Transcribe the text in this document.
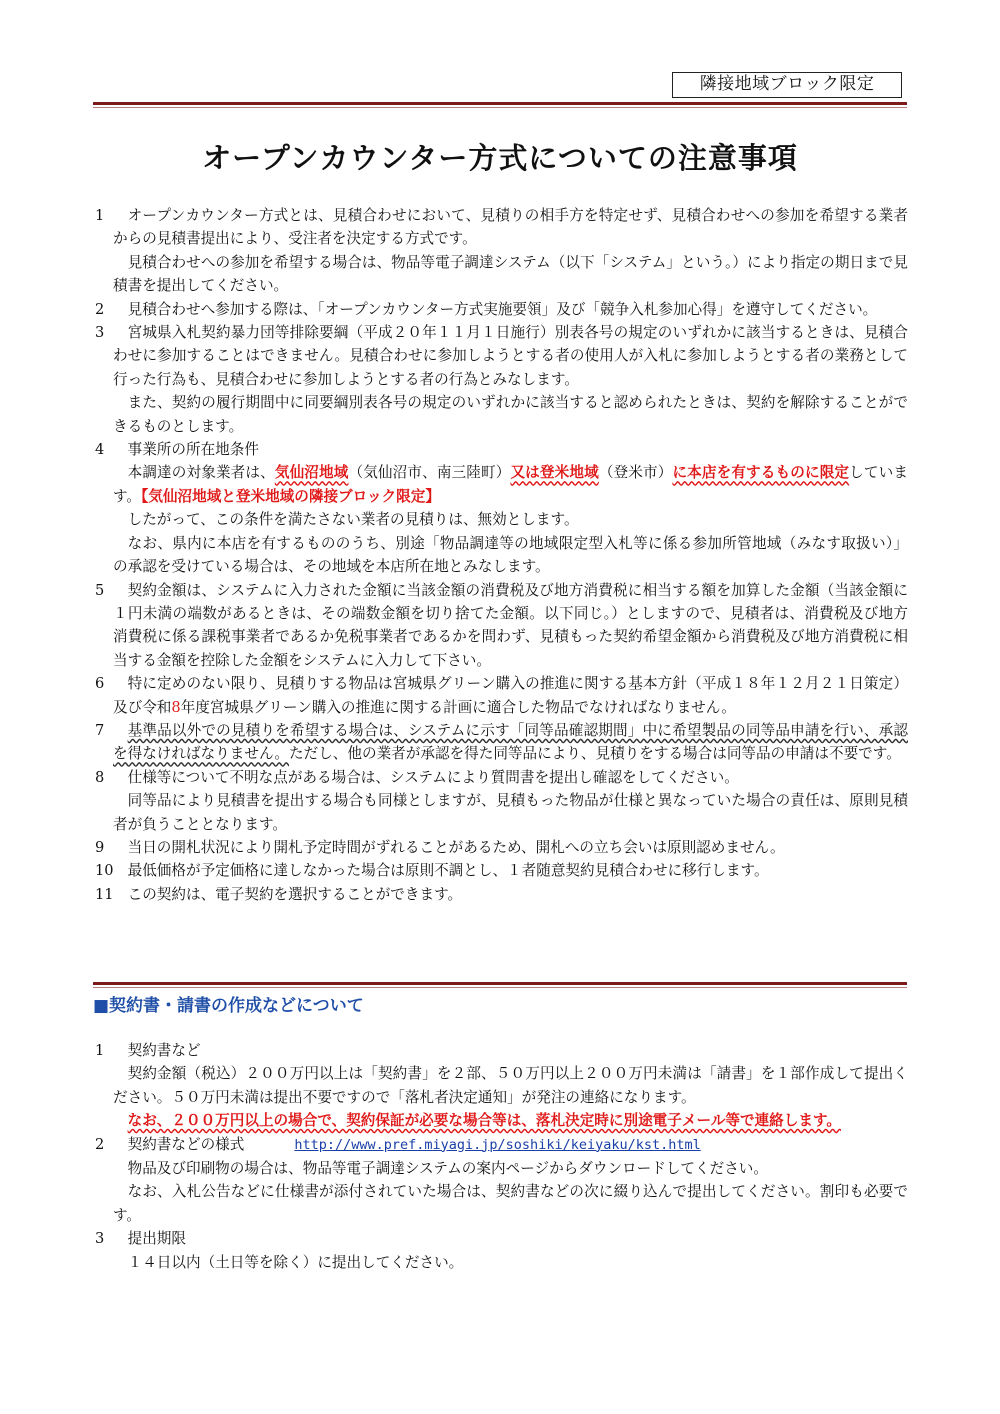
隣接地域ブロック限定
オープンカウンター方式についての注意事項
1	オープンカウンター方式とは、見積合わせにおいて、見積りの相手方を特定せず、見積合わせへの参加を希望する業者からの見積書提出により、受注者を決定する方式です。

見積合わせへの参加を希望する場合は、物品等電子調達システム（以下「システム」という。）により指定の期日まで見積書を提出してください。

2	見積合わせへ参加する際は、「オープンカウンター方式実施要領」及び「競争入札参加心得」を遵守してください。

3	宮城県入札契約暴力団等排除要綱（平成２０年１１月１日施行）別表各号の規定のいずれかに該当するときは、見積合わせに参加することはできません。見積合わせに参加しようとする者の使用人が入札に参加しようとする者の業務として行った行為も、見積合わせに参加しようとする者の行為とみなします。

また、契約の履行期間中に同要綱別表各号の規定のいずれかに該当すると認められたときは、契約を解除することができるものとします。

4	事業所の所在地条件

本調達の対象業者は、気仙沼地域（気仙沼市、南三陸町）又は登米地域（登米市）に本店を有するものに限定しています。【気仙沼地域と登米地域の隣接ブロック限定】

したがって、この条件を満たさない業者の見積りは、無効とします。

なお、県内に本店を有するもののうち、別途「物品調達等の地域限定型入札等に係る参加所管地域（みなす取扱い）」の承認を受けている場合は、その地域を本店所在地とみなします。

5	契約金額は、システムに入力された金額に当該金額の消費税及び地方消費税に相当する額を加算した金額（当該金額に１円未満の端数があるときは、その端数金額を切り捨てた金額。以下同じ。）としますので、見積者は、消費税及び地方消費税に係る課税事業者であるか免税事業者であるかを問わず、見積もった契約希望金額から消費税及び地方消費税に相当する金額を控除した金額をシステムに入力して下さい。

6	特に定めのない限り、見積りする物品は宮城県グリーン購入の推進に関する基本方針（平成１８年１２月２１日策定）及び令和8年度宮城県グリーン購入の推進に関する計画に適合した物品でなければなりません。

7	基準品以外での見積りを希望する場合は、システムに示す「同等品確認期間」中に希望製品の同等品申請を行い、承認を得なければなりません。ただし、他の業者が承認を得た同等品により、見積りをする場合は同等品の申請は不要です。

8	仕様等について不明な点がある場合は、システムにより質問書を提出し確認をしてください。

同等品により見積書を提出する場合も同様としますが、見積もった物品が仕様と異なっていた場合の責任は、原則見積者が負うこととなります。

9	当日の開札状況により開札予定時間がずれることがあるため、開札への立ち会いは原則認めません。

10 最低価格が予定価格に達しなかった場合は原則不調とし、１者随意契約見積合わせに移行します。

11 この契約は、電子契約を選択することができます。

■契約書・請書の作成などについて
1	契約書など

契約金額（税込）２００万円以上は「契約書」を２部、５０万円以上２００万円未満は「請書」を１部作成して提出ください。５０万円未満は提出不要ですので「落札者決定通知」が発注の連絡になります。

なお、２００万円以上の場合で、契約保証が必要な場合等は、落札決定時に別途電子メール等で連絡します。

2	契約書などの様式	http://www.pref.miyagi.jp/soshiki/keiyaku/kst.html

物品及び印刷物の場合は、物品等電子調達システムの案内ページからダウンロードしてください。

なお、入札公告などに仕様書が添付されていた場合は、契約書などの次に綴り込んで提出してください。割印も必要です。

3	提出期限

１４日以内（土日等を除く）に提出してください。
